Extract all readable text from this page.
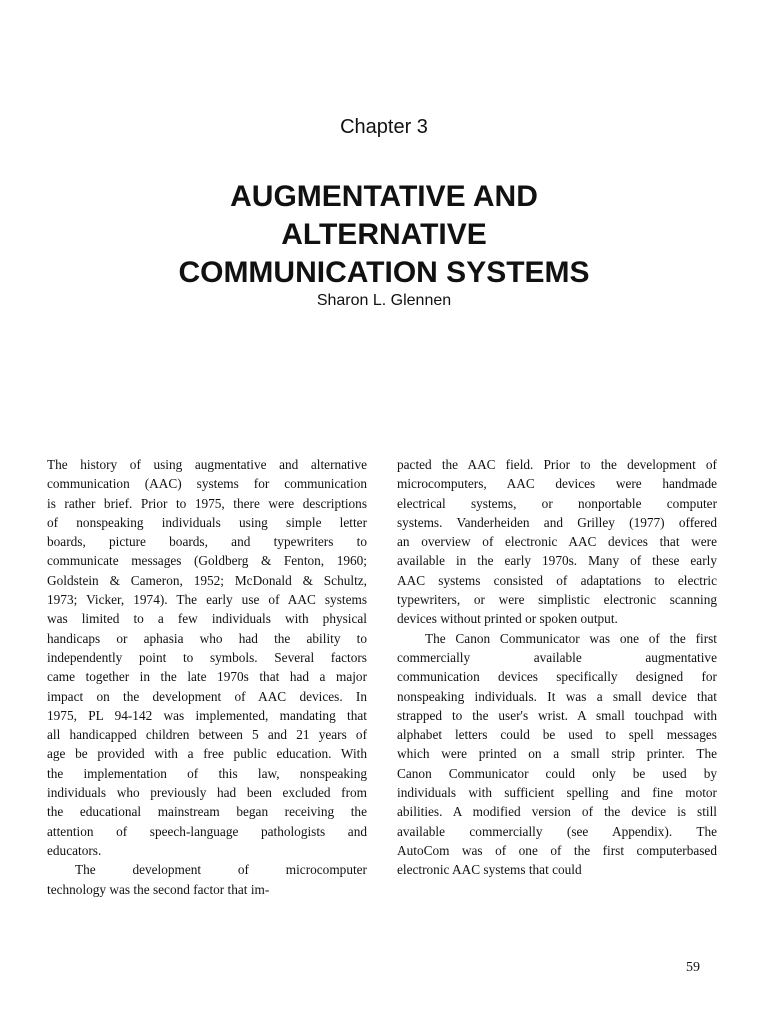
Chapter 3
AUGMENTATIVE AND
ALTERNATIVE
COMMUNICATION SYSTEMS
Sharon L. Glennen
The history of using augmentative and alternative
communication (AAC) systems for communication
is rather brief. Prior to 1975, there were descriptions
of nonspeaking individuals using simple letter
boards, picture boards, and typewriters to
communicate messages (Goldberg & Fenton, 1960;
Goldstein & Cameron, 1952; McDonald & Schultz,
1973; Vicker, 1974). The early use of AAC systems
was limited to a few individuals with physical
handicaps or aphasia who had the ability to
independently point to symbols. Several factors
came together in the late 1970s that had a major
impact on the development of AAC devices. In
1975, PL 94-142 was implemented, mandating that
all handicapped children between 5 and 21 years of
age be provided with a free public education. With
the implementation of this law, nonspeaking
individuals who previously had been excluded from
the educational mainstream began receiving the
attention of speech-language pathologists and
educators.
The development of microcomputer
technology was the second factor that im-
pacted the AAC field. Prior to the development of
microcomputers, AAC devices were handmade
electrical systems, or nonportable computer
systems. Vanderheiden and Grilley (1977) offered
an overview of electronic AAC devices that were
available in the early 1970s. Many of these early
AAC systems consisted of adaptations to electric
typewriters, or were simplistic electronic scanning
devices without printed or spoken output.
The Canon Communicator was one of the first
commercially available augmentative
communication devices specifically designed for
nonspeaking individuals. It was a small device that
strapped to the user's wrist. A small touchpad with
alphabet letters could be used to spell messages
which were printed on a small strip printer. The
Canon Communicator could only be used by
individuals with sufficient spelling and fine motor
abilities. A modified version of the device is still
available commercially (see Appendix). The
AutoCom was of one of the first computerbased
electronic AAC systems that could
59
